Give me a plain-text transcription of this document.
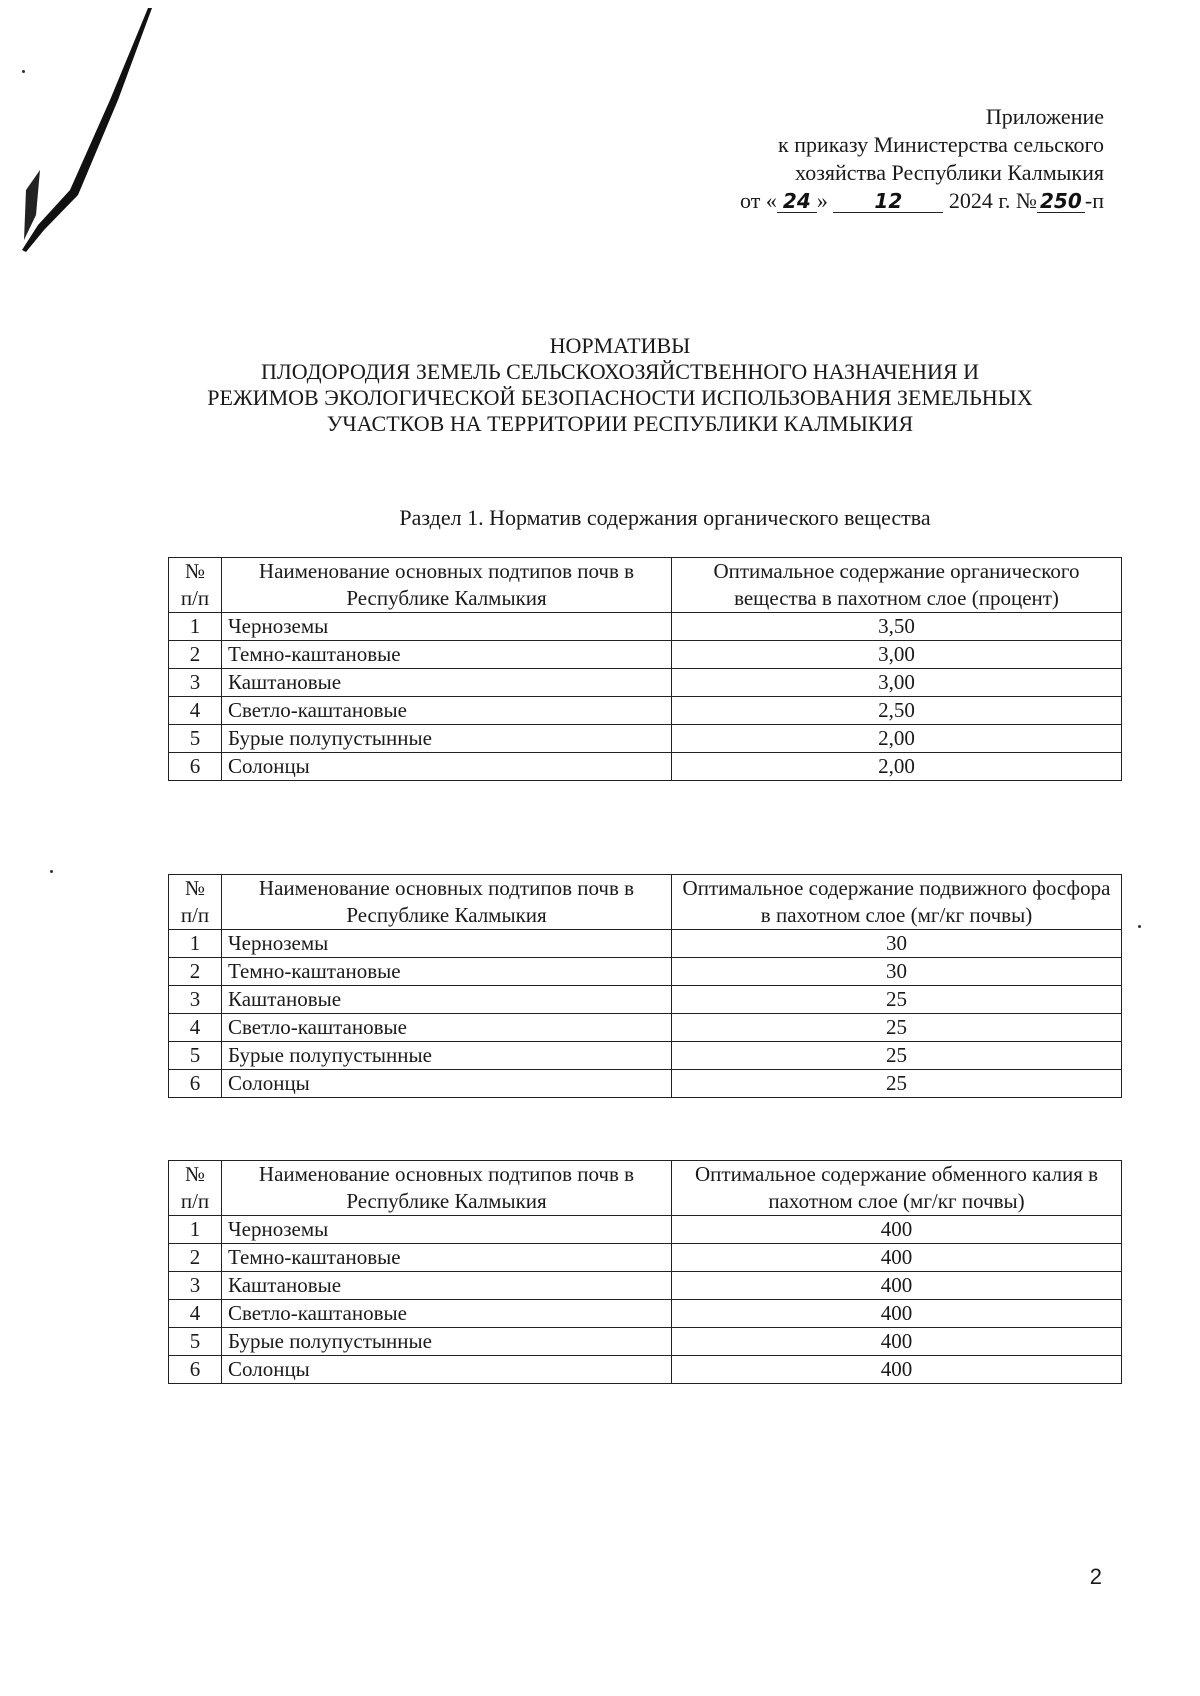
Приложение
к приказу Министерства сельского
хозяйства Республики Калмыкия
от « 24 » 12 2024 г. № 250 -п
НОРМАТИВЫ
ПЛОДОРОДИЯ ЗЕМЕЛЬ СЕЛЬСКОХОЗЯЙСТВЕННОГО НАЗНАЧЕНИЯ И
РЕЖИМОВ ЭКОЛОГИЧЕСКОЙ БЕЗОПАСНОСТИ ИСПОЛЬЗОВАНИЯ ЗЕМЕЛЬНЫХ
УЧАСТКОВ НА ТЕРРИТОРИИ РЕСПУБЛИКИ КАЛМЫКИЯ
Раздел 1. Норматив содержания органического вещества
№ п/п	Наименование основных подтипов почв в Республике Калмыкия	Оптимальное содержание органического вещества в пахотном слое (процент)
1	Черноземы	3,50
2	Темно-каштановые	3,00
3	Каштановые	3,00
4	Светло-каштановые	2,50
5	Бурые полупустынные	2,00
6	Солонцы	2,00
№ п/п	Наименование основных подтипов почв в Республике Калмыкия	Оптимальное содержание подвижного фосфора в пахотном слое (мг/кг почвы)
1	Черноземы	30
2	Темно-каштановые	30
3	Каштановые	25
4	Светло-каштановые	25
5	Бурые полупустынные	25
6	Солонцы	25
№ п/п	Наименование основных подтипов почв в Республике Калмыкия	Оптимальное содержание обменного калия в пахотном слое (мг/кг почвы)
1	Черноземы	400
2	Темно-каштановые	400
3	Каштановые	400
4	Светло-каштановые	400
5	Бурые полупустынные	400
6	Солонцы	400
2
